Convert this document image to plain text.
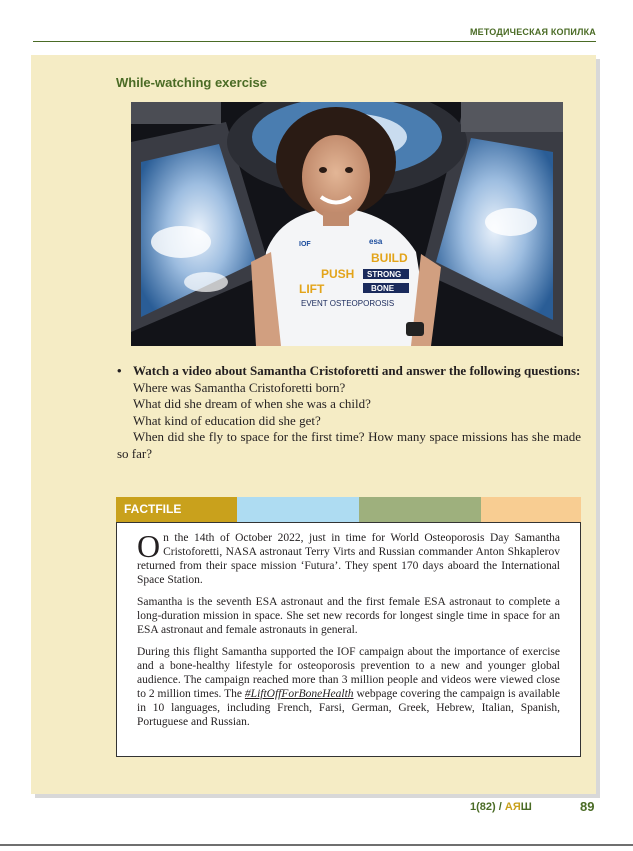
МЕТОДИЧЕСКАЯ КОПИЛКА
While-watching exercise
IOF	esa
BUILD
PUSH STRONG
LIFT	BONE
EVENT OSTEOPOROSIS
• Watch a video about Samantha Cristoforetti and answer the following questions:
Where was Samantha Cristoforetti born?
What did she dream of when she was a child?
What kind of education did she get?
When did she fly to space for the first time? How many space missions has she made so far?
FACTFILE

On the 14th of October 2022, just in time for World Osteoporosis Day Samantha Cristoforetti, NASA astronaut Terry Virts and Russian commander Anton Shkaplerov returned from their space mission ‘Futura’. They spent 170 days aboard the International Space Station.

Samantha is the seventh ESA astronaut and the first female ESA astronaut to complete a long-duration mission in space. She set new records for longest single time in space for an ESA astronaut and female astronauts in general.

During this flight Samantha supported the IOF campaign about the importance of exercise and a bone-healthy lifestyle for osteoporosis prevention to a new and younger global audience. The campaign reached more than 3 million people and videos were viewed close to 2 million times. The #LiftOffForBoneHealth webpage covering the campaign is available in 10 languages, including French, Farsi, German, Greek, Hebrew, Italian, Spanish, Portuguese and Russian.

1(82) / АЯШ	89
